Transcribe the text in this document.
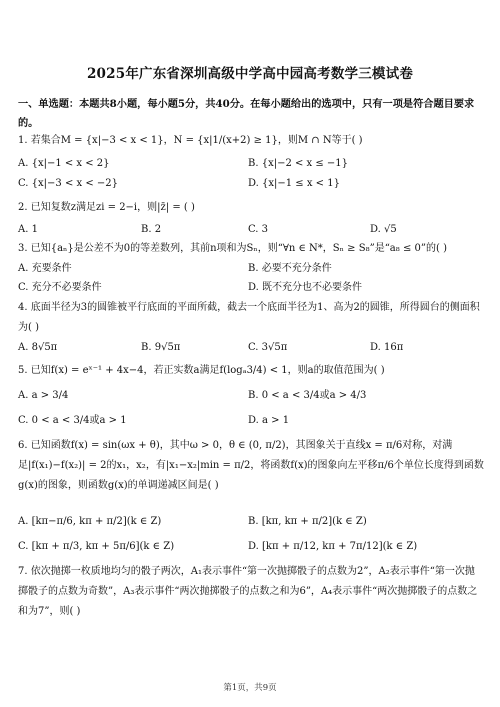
2025年广东省深圳高级中学高中园高考数学三模试卷
一、单选题：本题共8小题，每小题5分，共40分。在每小题给出的选项中，只有一项是符合题目要求的。
1. 若集合M = {x|−3 < x < 1}，N = {x|1/(x+2) ≥ 1}，则M ∩ N等于( )
A. {x|−1 < x < 2}	B. {x|−2 < x ≤ −1}
C. {x|−3 < x < −2}	D. {x|−1 ≤ x < 1}
2. 已知复数z满足zi = 2−i，则|z̄| = ( )
A. 1	B. 2	C. 3	D. √5
3. 已知{aₙ}是公差不为0的等差数列，其前n项和为Sₙ，则“∀n ∈ N*，Sₙ ≥ S₈”是“a₈ ≤ 0”的( )
A. 充要条件	B. 必要不充分条件
C. 充分不必要条件	D. 既不充分也不必要条件
4. 底面半径为3的圆锥被平行底面的平面所截，截去一个底面半径为1、高为2的圆锥，所得圆台的侧面积为( )
A. 8√5π	B. 9√5π	C. 3√5π	D. 16π
5. 已知f(x) = eˣ⁻¹ + 4x−4，若正实数a满足f(logₐ3/4) < 1，则a的取值范围为( )
A. a > 3/4	B. 0 < a < 3/4或a > 4/3
C. 0 < a < 3/4或a > 1	D. a > 1
6. 已知函数f(x) = sin(ωx + θ)，其中ω > 0，θ ∈ (0, π/2)，其图象关于直线x = π/6对称，对满足|f(x₁)−f(x₂)| = 2的x₁，x₂，有|x₁−x₂|min = π/2，将函数f(x)的图象向左平移π/6个单位长度得到函数g(x)的图象，则函数g(x)的单调递减区间是( )
A. [kπ−π/6, kπ + π/2](k ∈ Z)	B. [kπ, kπ + π/2](k ∈ Z)
C. [kπ + π/3, kπ + 5π/6](k ∈ Z)	D. [kπ + π/12, kπ + 7π/12](k ∈ Z)
7. 依次抛掷一枚质地均匀的骰子两次，A₁表示事件“第一次抛掷骰子的点数为2”，A₂表示事件“第一次抛掷骰子的点数为奇数”，A₃表示事件“两次抛掷骰子的点数之和为6”，A₄表示事件“两次抛掷骰子的点数之和为7”，则( )
第1页，共9页
